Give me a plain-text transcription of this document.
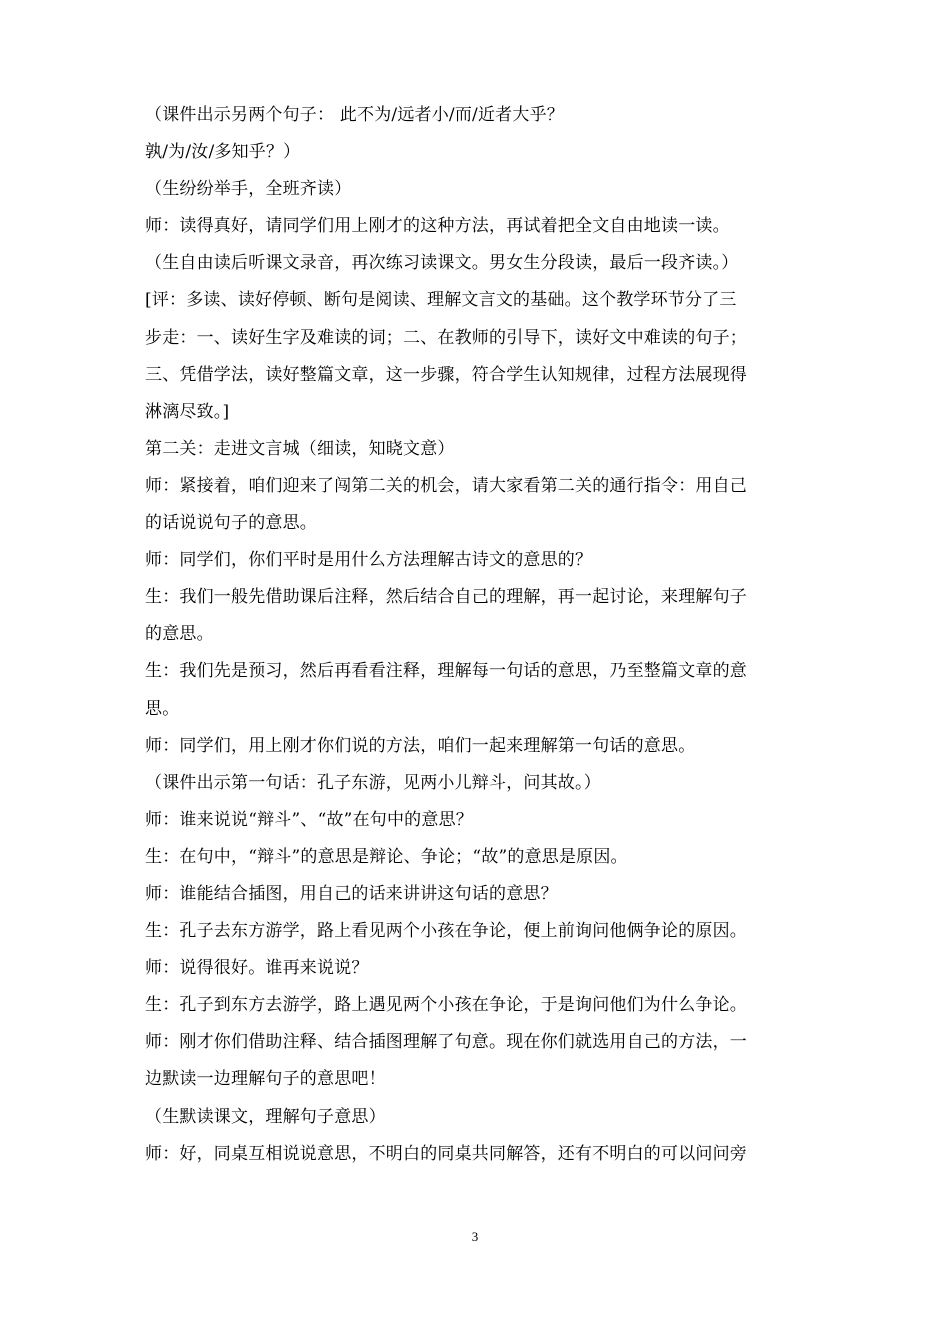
（课件出示另两个句子： 此不为/远者小/而/近者大乎？
孰/为/汝/多知乎？）
（生纷纷举手，全班齐读）
师：读得真好，请同学们用上刚才的这种方法，再试着把全文自由地读一读。
（生自由读后听课文录音，再次练习读课文。男女生分段读，最后一段齐读。）
[评：多读、读好停顿、断句是阅读、理解文言文的基础。这个教学环节分了三
步走：一、读好生字及难读的词；二、在教师的引导下，读好文中难读的句子；
三、凭借学法，读好整篇文章，这一步骤，符合学生认知规律，过程方法展现得
淋漓尽致。]
第二关：走进文言城（细读，知晓文意）
师：紧接着，咱们迎来了闯第二关的机会，请大家看第二关的通行指令：用自己
的话说说句子的意思。
师：同学们，你们平时是用什么方法理解古诗文的意思的？
生：我们一般先借助课后注释，然后结合自己的理解，再一起讨论，来理解句子
的意思。
生：我们先是预习，然后再看看注释，理解每一句话的意思，乃至整篇文章的意
思。
师：同学们，用上刚才你们说的方法，咱们一起来理解第一句话的意思。
（课件出示第一句话：孔子东游，见两小儿辩斗，问其故。）
师：谁来说说“辩斗”、“故”在句中的意思？
生：在句中，“辩斗”的意思是辩论、争论；“故”的意思是原因。
师：谁能结合插图，用自己的话来讲讲这句话的意思？
生：孔子去东方游学，路上看见两个小孩在争论，便上前询问他俩争论的原因。
师：说得很好。谁再来说说？
生：孔子到东方去游学，路上遇见两个小孩在争论，于是询问他们为什么争论。
师：刚才你们借助注释、结合插图理解了句意。现在你们就选用自己的方法，一
边默读一边理解句子的意思吧！
（生默读课文，理解句子意思）
师：好，同桌互相说说意思，不明白的同桌共同解答，还有不明白的可以问问旁
3
